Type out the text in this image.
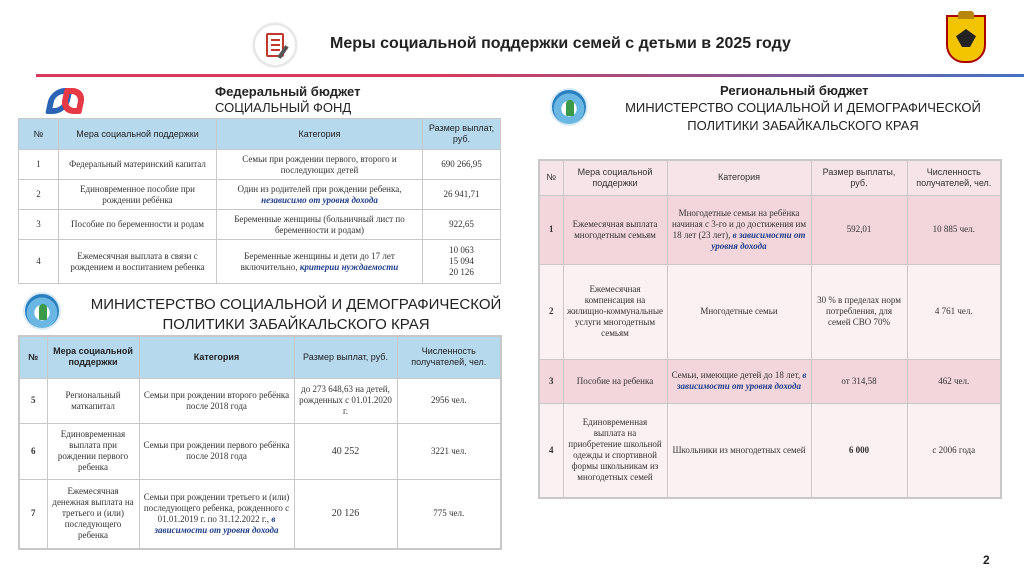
Меры социальной поддержки семей с детьми в 2025 году
Федеральный бюджет
СОЦИАЛЬНЫЙ ФОНД
№	Мера социальной поддержки	Категория	Размер выплат, руб.
1	Федеральный материнский капитал	Семьи при рождении первого, второго и последующих детей	690 266,95
2	Единовременное пособие при рождении ребёнка	Один из родителей при рождении ребенка, независимо от уровня дохода	26 941,71
3	Пособие по беременности и родам	Беременные женщины (больничный лист по беременности и родам)	922,65
4	Ежемесячная выплата в связи с рождением и воспитанием ребенка	Беременные женщины и дети до 17 лет включительно, критерии нуждаемости	10 063
15 094
20 126
МИНИСТЕРСТВО СОЦИАЛЬНОЙ И ДЕМОГРАФИЧЕСКОЙ
ПОЛИТИКИ ЗАБАЙКАЛЬСКОГО КРАЯ
№	Мера социальной поддержки	Категория	Размер выплат, руб.	Численность получателей, чел.
5	Региональный маткапитал	Семьи при рождении второго ребёнка после 2018 года	до 273 648,63 на детей, рожденных с 01.01.2020 г.	2956 чел.
6	Единовременная выплата при рождении первого ребенка	Семьи при рождении первого ребёнка после 2018 года	40 252	3221 чел.
7	Ежемесячная денежная выплата на третьего и (или) последующего ребенка	Семьи при рождении третьего и (или) последующего ребенка, рожденного с 01.01.2019 г. по 31.12.2022 г., в зависимости от уровня дохода	20 126	775 чел.
Региональный бюджет
МИНИСТЕРСТВО СОЦИАЛЬНОЙ И ДЕМОГРАФИЧЕСКОЙ
ПОЛИТИКИ ЗАБАЙКАЛЬСКОГО КРАЯ
№	Мера социальной поддержки	Категория	Размер выплаты, руб.	Численность получателей, чел.
1	Ежемесячная выплата многодетным семьям	Многодетные семьи на ребёнка начиная с 3-го и до достижения им 18 лет (23 лет), в зависимости от уровня дохода	592,01	10 885 чел.
2	Ежемесячная компенсация на жилищно-коммунальные услуги многодетным семьям	Многодетные семьи	30 % в пределах норм потребления, для семей СВО 70%	4 761 чел.
3	Пособие на ребенка	Семьи, имеющие детей до 18 лет, в зависимости от уровня дохода	от 314,58	462 чел.
4	Единовременная выплата на приобретение школьной одежды и спортивной формы школьникам из многодетных семей	Школьники из многодетных семей	6 000	с 2006 года
2
